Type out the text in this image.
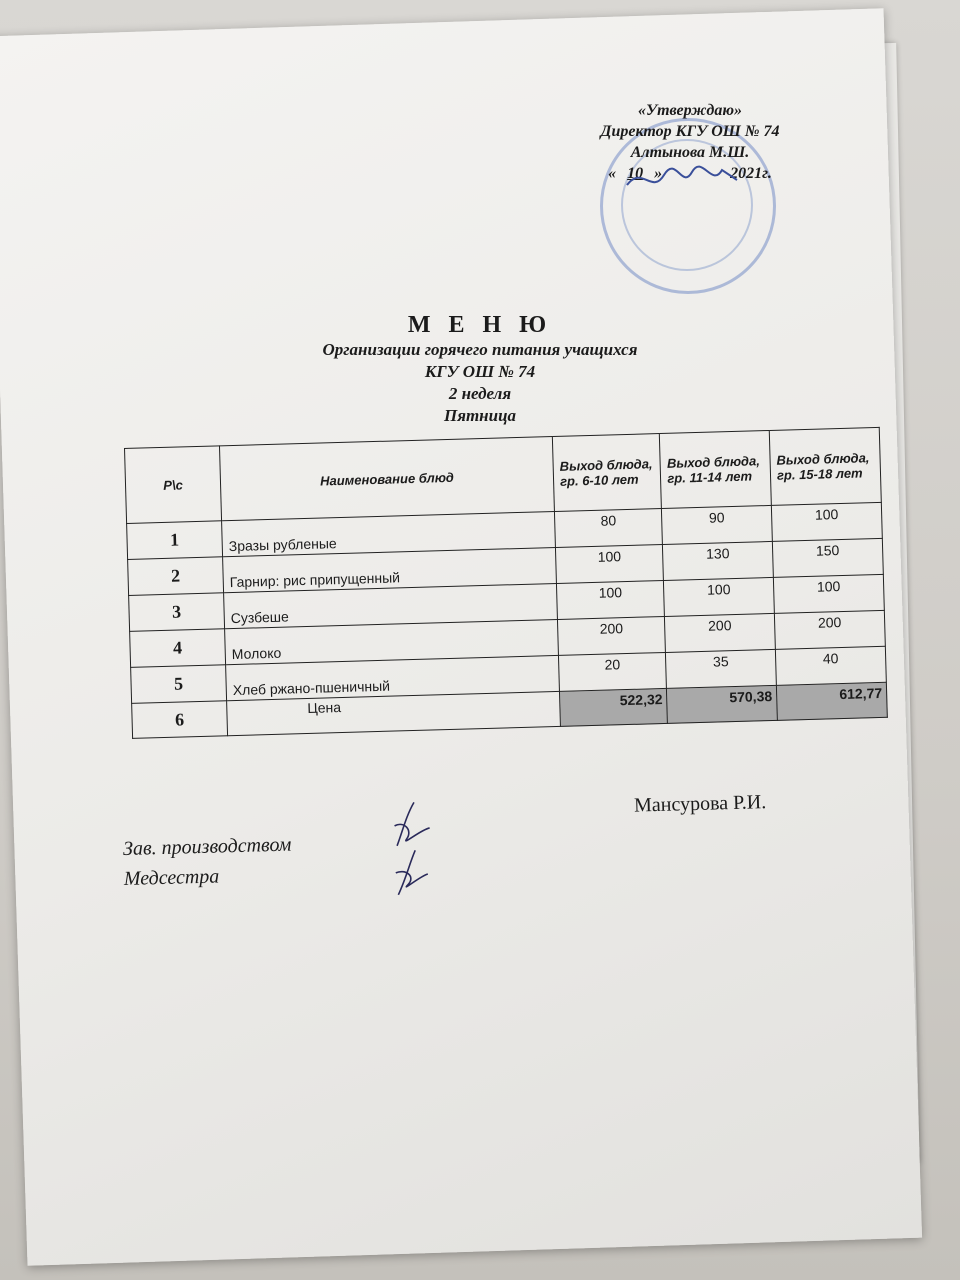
«Утверждаю»
Директор КГУ ОШ № 74
Алтынова М.Ш.
« 10 »	2021г.
М Е Н Ю
Организации горячего питания учащихся
КГУ ОШ № 74
2 неделя
Пятница
Р\с	Наименование блюд	Выход блюда, гр. 6-10 лет	Выход блюда, гр. 11-14 лет	Выход блюда, гр. 15-18 лет
1	Зразы рубленые	80	90	100
2	Гарнир: рис припущенный	100	130	150
3	Сузбеше	100	100	100
4	Молоко	200	200	200
5	Хлеб ржано-пшеничный	20	35	40
6	Цена	522,32	570,38	612,77
Зав. производством
Медсестра
Мансурова Р.И.
